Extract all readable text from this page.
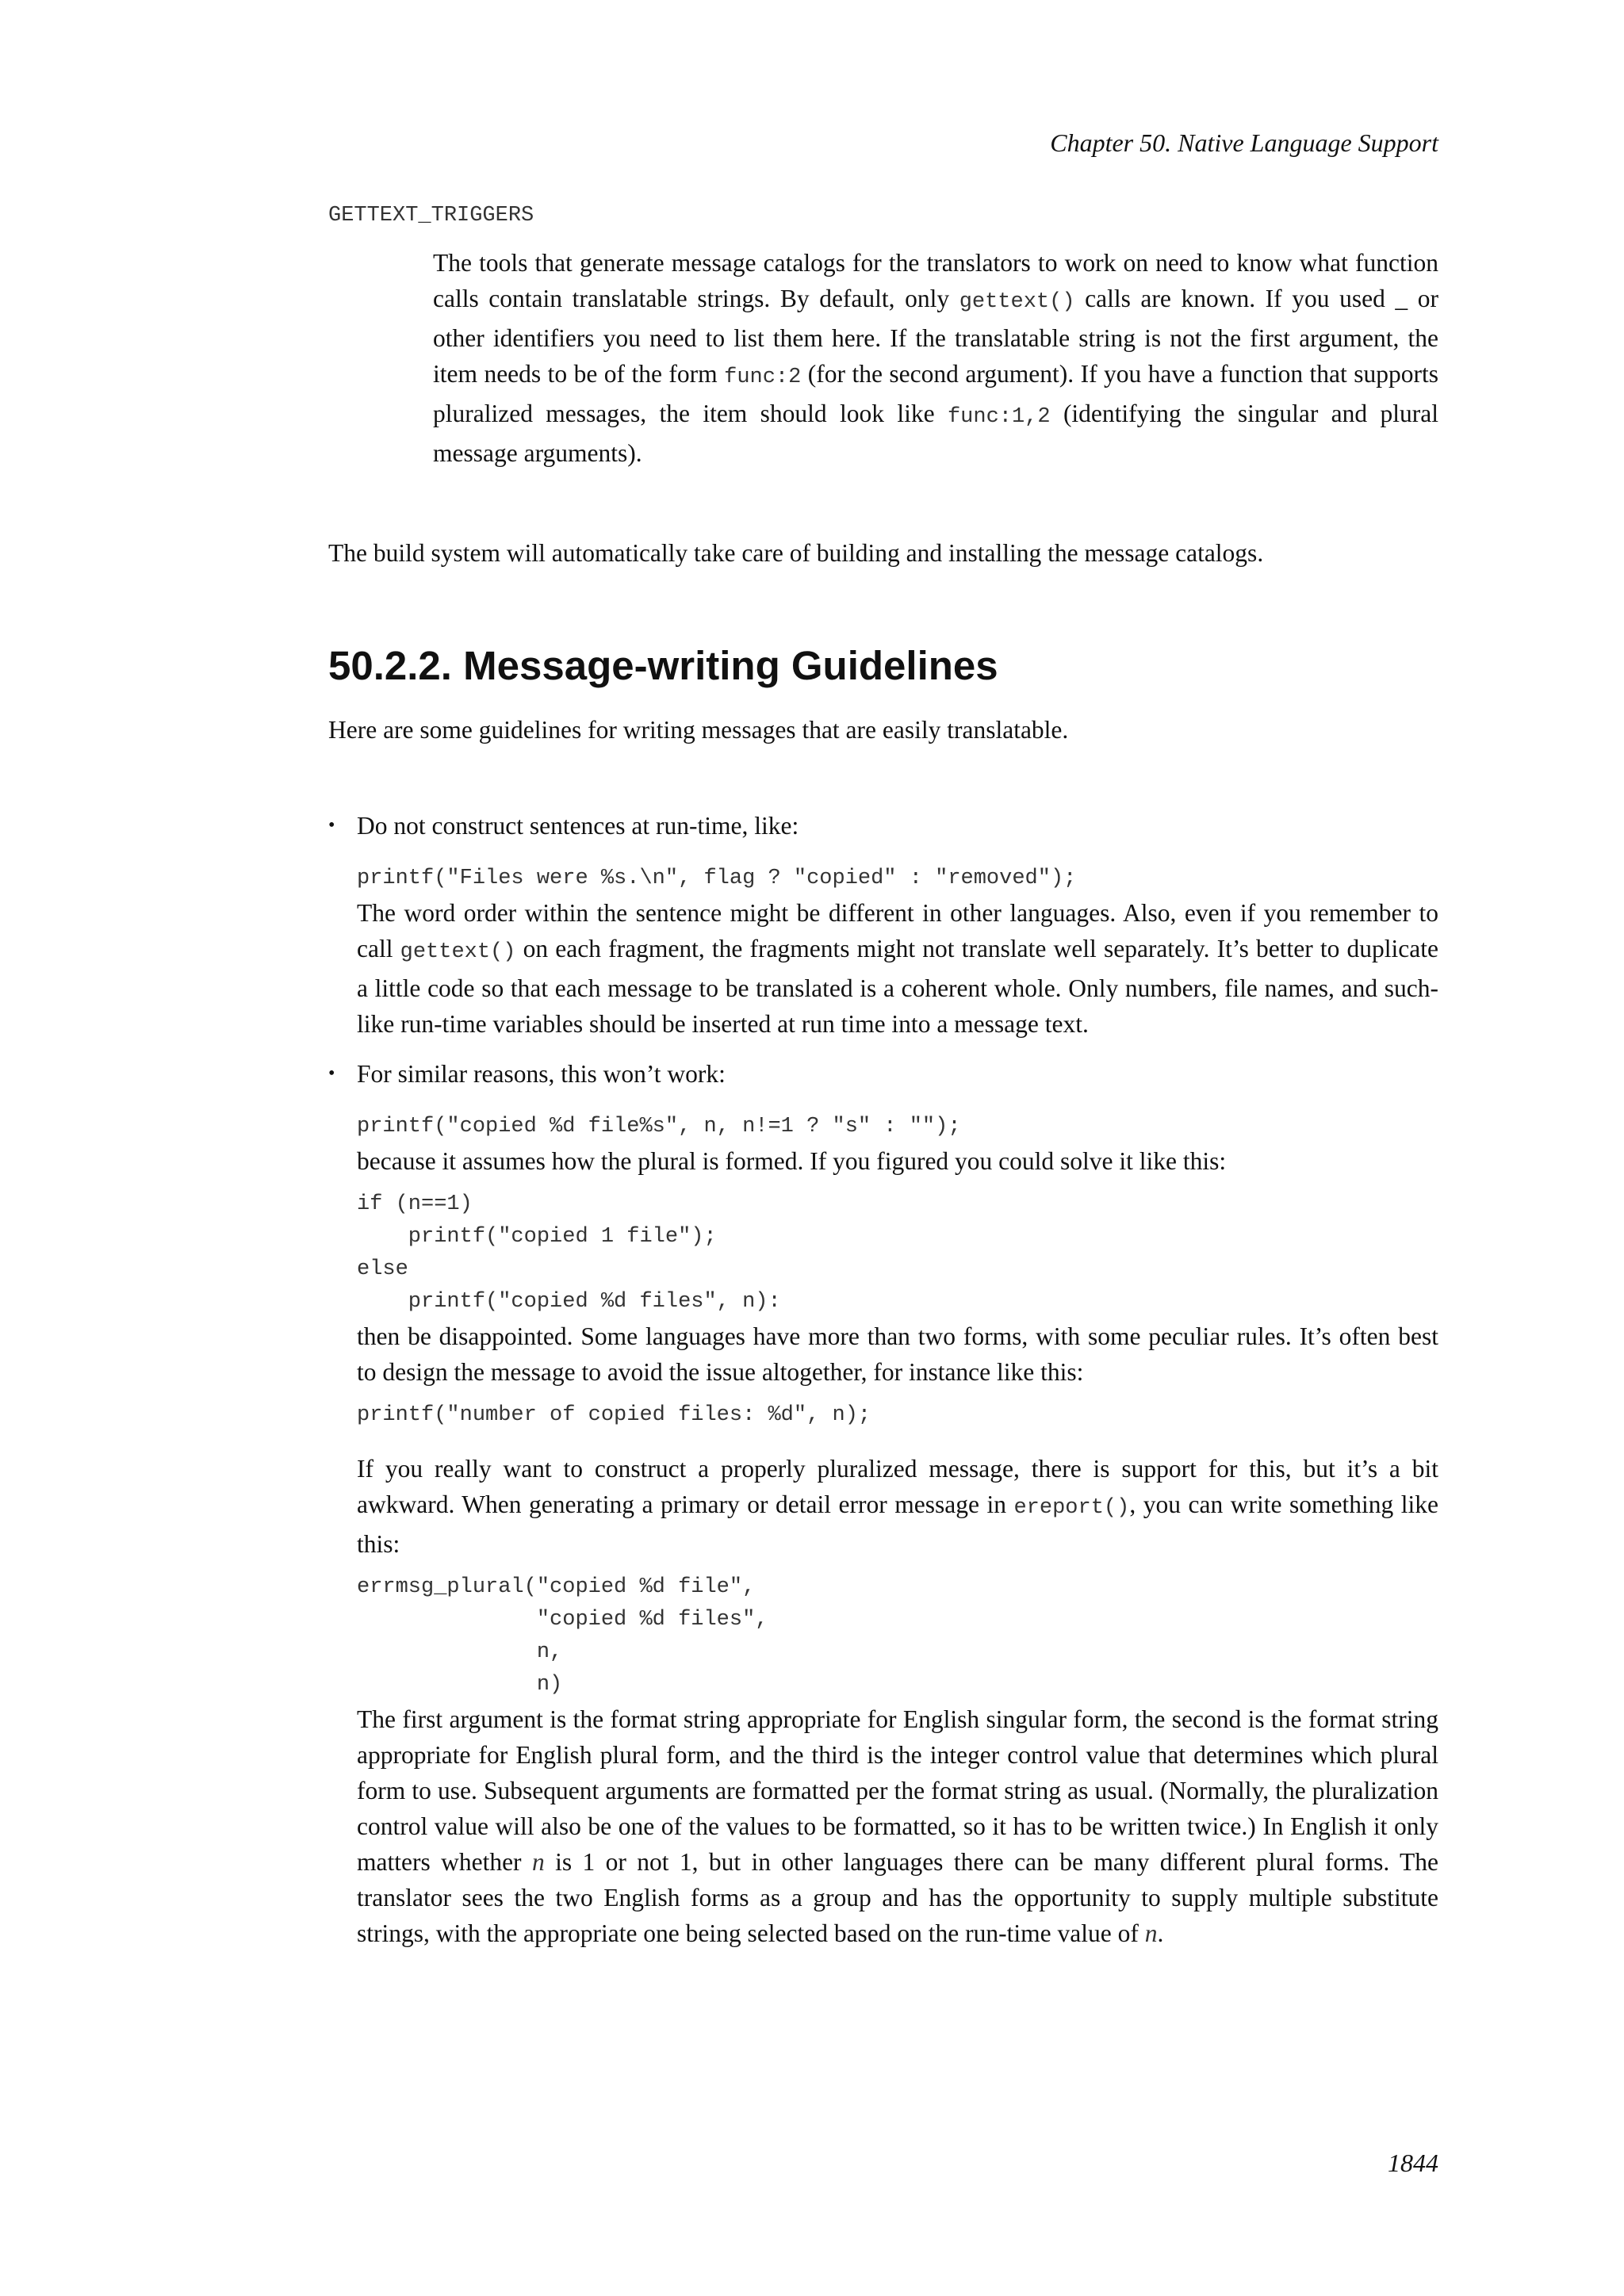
Chapter 50. Native Language Support
GETTEXT_TRIGGERS

The tools that generate message catalogs for the translators to work on need to know what function calls contain translatable strings. By default, only gettext() calls are known. If you used _ or other identifiers you need to list them here. If the translatable string is not the first argument, the item needs to be of the form func:2 (for the second argument). If you have a function that supports pluralized messages, the item should look like func:1,2 (identifying the singular and plural message arguments).

The build system will automatically take care of building and installing the message catalogs.

50.2.2. Message-writing Guidelines

Here are some guidelines for writing messages that are easily translatable.

• Do not construct sentences at run-time, like:

printf("Files were %s.\n", flag ? "copied" : "removed");

The word order within the sentence might be different in other languages. Also, even if you remember to call gettext() on each fragment, the fragments might not translate well separately. It’s better to duplicate a little code so that each message to be translated is a coherent whole. Only numbers, file names, and such-like run-time variables should be inserted at run time into a message text.

• For similar reasons, this won’t work:

printf("copied %d file%s", n, n!=1 ? "s" : "");

because it assumes how the plural is formed. If you figured you could solve it like this:

if (n==1)
printf("copied 1 file");
else
printf("copied %d files", n):

then be disappointed. Some languages have more than two forms, with some peculiar rules. It’s often best to design the message to avoid the issue altogether, for instance like this:

printf("number of copied files: %d", n);

If you really want to construct a properly pluralized message, there is support for this, but it’s a bit awkward. When generating a primary or detail error message in ereport(), you can write something like this:

errmsg_plural("copied %d file",
"copied %d files",
n,
n)

The first argument is the format string appropriate for English singular form, the second is the format string appropriate for English plural form, and the third is the integer control value that determines which plural form to use. Subsequent arguments are formatted per the format string as usual. (Normally, the pluralization control value will also be one of the values to be formatted, so it has to be written twice.) In English it only matters whether n is 1 or not 1, but in other languages there can be many different plural forms. The translator sees the two English forms as a group and has the opportunity to supply multiple substitute strings, with the appropriate one being selected based on the run-time value of n.

1844
